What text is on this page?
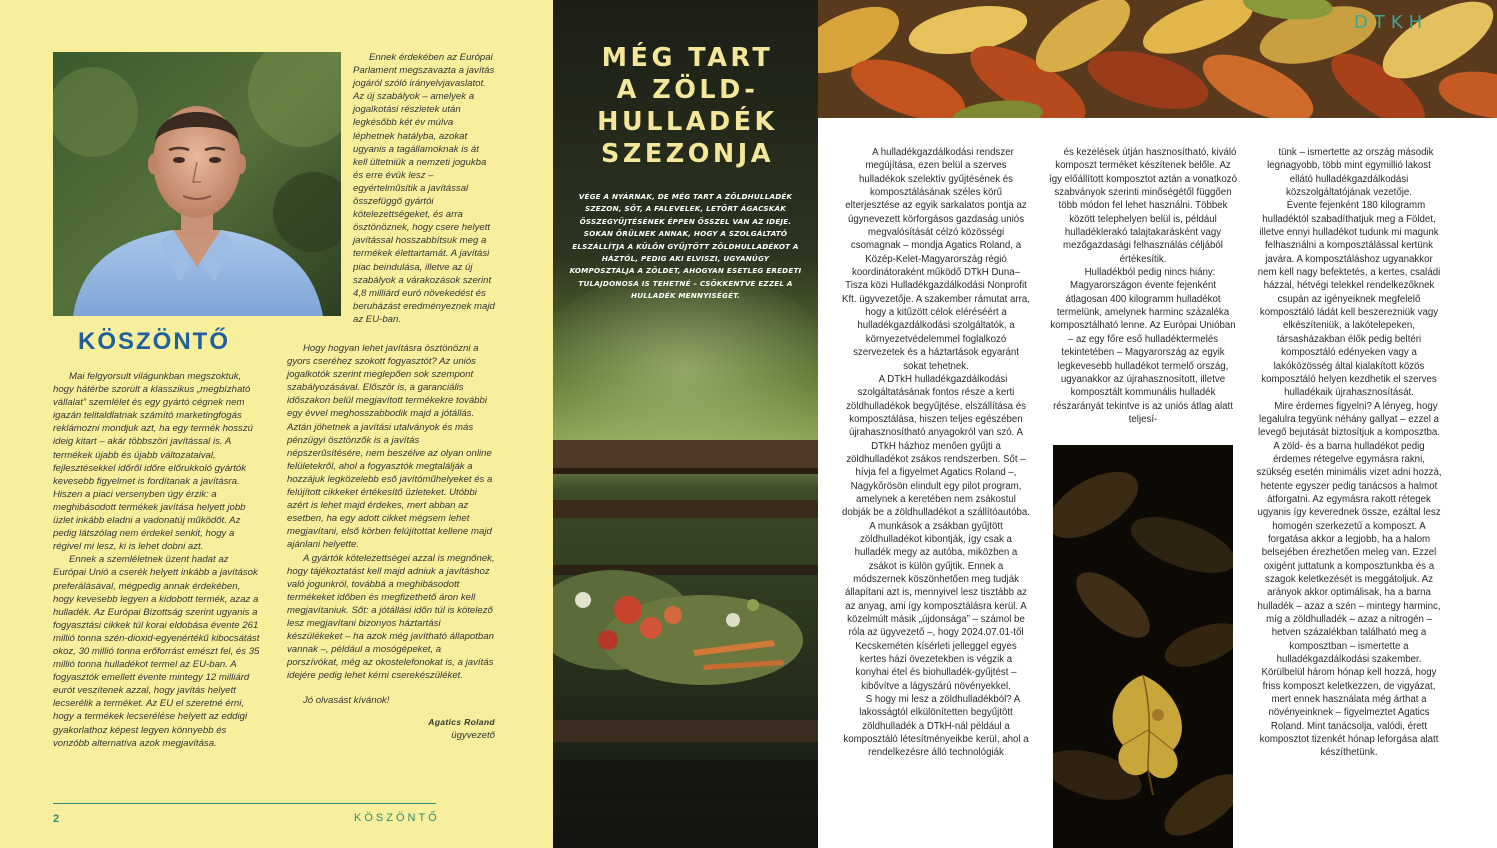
KÖSZÖNTŐ

Mai felgyorsult világunkban megszoktuk, hogy hátérbe szorult a klasszikus „megbízható vállalat” szemlélet és egy gyártó cégnek nem igazán telitaldlatnak számító marketingfogás reklámozni mondjuk azt, ha egy termék hosszú ideig kitart – akár többszöri javítással is. A termékek újabb és újabb változataival, fejlesztésekkel időről időre előrukkoló gyártók kevesebb figyelmet is fordítanak a javításra. Hiszen a piaci versenyben úgy érzik: a meghibásodott termékek javítása helyett jobb üzlet inkább eladni a vadonatúj működőt. Az pedig látszólag nem érdekel senkit, hogy a régivel mi lesz, ki is lehet dobni azt.

Ennek a szemléletnek üzent hadat az Európai Unió a cserék helyett inkább a javítások preferálásával, mégpedig annak érdekében, hogy kevesebb legyen a kidobott termék, azaz a hulladék. Az Európai Bizottság szerint ugyanis a fogyasztási cikkek túl korai eldobása évente 261 millió tonna szén-dioxid-egyenértékű kibocsátást okoz, 30 millió tonna erőforrást emészt fel, és 35 millió tonna hulladékot termel az EU-ban. A fogyasztók emellett évente mintegy 12 milliárd eurót veszítenek azzal, hogy javítás helyett lecserélik a terméket. Az EU el szeretné érni, hogy a termékek lecserélése helyett az eddigi gyakorlathoz képest legyen könnyebb és vonzóbb alternatíva azok megjavítása.

Ennek érdekében az Európai Parlament megszavazta a javítás jogáról szóló irányelvjavaslatot. Az új szabályok – amelyek a jogalkotási részletek után legkésőbb két év múlva léphetnek hatályba, azokat ugyanis a tagállamoknak is át kell ültetniük a nemzeti jogukba és erre évük lesz – egyértelműsítik a javítással összefüggő gyártói kötelezettségeket, és arra ösztönöznek, hogy csere helyett javítással hosszabbítsuk meg a termékek élettartamát. A javítási piac beindulása, illetve az új szabályok a várakozások szerint 4,8 milliárd euró növekedést és beruházást eredményeznek majd az EU-ban.

Hogy hogyan lehet javításra ösztönözni a gyors cseréhez szokott fogyasztót? Az uniós jogalkotók szerint meglepően sok szempont szabályozásával. Először is, a garanciális időszakon belül megjavított termékekre további egy évvel meghosszabbodik majd a jótállás. Aztán jöhetnek a javítási utalványok és más pénzügyi ösztönzők is a javítás népszerűsítésére, nem beszélve az olyan online felületekről, ahol a fogyasztók megtalálják a hozzájuk legközelebb eső javítóműhelyeket és a felújított cikkeket értékesítő üzleteket. Utóbbi azért is lehet majd érdekes, mert abban az esetben, ha egy adott cikket mégsem lehet megjavítani, első körben felújítottat kellene majd ajánlani helyette.

A gyártók kötelezettségei azzal is megnőnek, hogy tájékoztatást kell majd adniuk a javításhoz való jogunkról, továbbá a meghibásodott termékeket időben és megfizethető áron kell megjavítaniuk. Sőt: a jótállási időn túl is kötelező lesz megjavítani bizonyos háztartási készülékeket – ha azok még javítható állapotban vannak –, például a mosógépeket, a porszívókat, még az okostelefonokat is, a javítás idejére pedig lehet kérni cserekészüléket.

Jó olvasást kívánok!

Agatics Roland
ügyvezető
2	KÖSZÖNTŐ
MÉG TART
A ZÖLD-
HULLADÉK
SZEZONJA
VÉGE A NYÁRNAK, DE MÉG TART A ZÖLDHULLADÉK SZEZON, SŐT, A FALEVELEK, LETÖRT ÁGACSKÁK ÖSSZEGYŰJTÉSÉNEK ÉPPEN ŐSSZEL VAN AZ IDEJE. SOKAN ÖRÜLNEK ANNAK, HOGY A SZOLGÁLTATÓ ELSZÁLLÍTJA A KÜLÖN GYŰJTÖTT ZÖLDHULLADÉKOT A HÁZTÓL, PEDIG AKI ELVISZI, UGYANÚGY KOMPOSZTÁLJA A ZÖLDET, AHOGYAN ESETLEG EREDETI TULAJDONOSA IS TEHETNÉ – CSÖKKENTVE EZZEL A HULLADÉK MENNYISÉGÉT.
DTKH

A hulladékgazdálkodási rendszer megújítása, ezen belül a szerves hulladékok szelektív gyűjtésének és komposztálásának széles körű elterjesztése az egyik sarkalatos pontja az úgynevezett körforgásos gazdaság uniós megvalósítását célzó közösségi csomagnak – mondja Agatics Roland, a Közép-Kelet-Magyarország régió koordinátoraként működő DTkH Duna–Tisza közi Hulladékgazdálkodási Nonprofit Kft. ügyvezetője. A szakember rámutat arra, hogy a kitűzött célok eléréséért a hulladékgazdálkodási szolgáltatók, a környezetvédelemmel foglalkozó szervezetek és a háztartások egyaránt sokat tehetnek.

A DTkH hulladékgazdálkodási szolgáltatásának fontos része a kerti zöldhulladékok begyűjtése, elszállítása és komposztálása, hiszen teljes egészében újrahasznosítható anyagokról van szó. A DTkH házhoz menően gyűjti a zöldhulladékot zsákos rendszerben. Sőt – hívja fel a figyelmet Agatics Roland –, Nagykőrösön elindult egy pilot program, amelynek a keretében nem zsákostul dobják be a zöldhulladékot a szállítóautóba. A munkások a zsákban gyűjtött zöldhulladékot kibontják, így csak a hulladék megy az autóba, miközben a zsákot is külön gyűjtik. Ennek a módszernek köszönhetően meg tudják állapítani azt is, mennyivel lesz tisztább az az anyag, ami így komposztálásra kerül. A közelmúlt másik „újdonsága” – számol be róla az ügyvezető –, hogy 2024.07.01-től Kecskeméten kísérleti jelleggel egyes kertes házi övezetekben is végzik a konyhai étel és biohulladék-gyűjtést – kibővítve a lágyszárú növényekkel.

S hogy mi lesz a zöldhulladékból? A lakosságtól elkülönítetten begyűjtött zöldhulladék a DTkH-nál például a komposztáló létesítményeikbe kerül, ahol a rendelkezésre álló technológiák

és kezelések útján hasznosítható, kiváló komposzt terméket készítenek belőle. Az így előállított komposztot aztán a vonatkozó szabványok szerinti minőségétől függően több módon fel lehet használni. Többek között telephelyen belül is, például hulladéklerakó talajtakarásként vagy mezőgazdasági felhasználás céljából értékesítik.

Hulladékból pedig nincs hiány: Magyarországon évente fejenként átlagosan 400 kilogramm hulladékot termelünk, amelynek harminc százaléka komposztálható lenne. Az Európai Unióban – az egy főre eső hulladéktermelés tekintetében – Magyarország az egyik legkevesebb hulladékot termelő ország, ugyanakkor az újrahasznosított, illetve komposztált kommunális hulladék részarányát tekintve is az uniós átlag alatt teljesí-

tünk – ismertette az ország második legnagyobb, több mint egymillió lakost ellátó hulladékgazdálkodási közszolgáltatójának vezetője.

Évente fejenként 180 kilogramm hulladéktól szabadíthatjuk meg a Földet, illetve ennyi hulladékot tudunk mi magunk felhasználni a komposztálással kertünk javára. A komposztáláshoz ugyanakkor nem kell nagy befektetés, a kertes, családi házzal, hétvégi telekkel rendelkezőknek csupán az igényeiknek megfelelő komposztáló ládát kell beszerezniük vagy elkészíteniük, a lakótelepeken, társasházakban élők pedig beltéri komposztáló edényeken vagy a lakóközösség által kialakított közös komposztáló helyen kezdhetik el szerves hulladékaik újrahasznosítását.

Mire érdemes figyelni? A lényeg, hogy legalulra tegyünk néhány gallyat – ezzel a levegő bejutását biztosítjuk a komposztba. A zöld- és a barna hulladékot pedig érdemes rétegelve egymásra rakni, szükség esetén minimális vizet adni hozzá, hetente egyszer pedig tanácsos a halmot átforgatni. Az egymásra rakott rétegek ugyanis így keverednek össze, ezáltal lesz homogén szerkezetű a komposzt. A forgatása akkor a legjobb, ha a halom belsejében érezhetően meleg van. Ezzel oxigént juttatunk a komposztunkba és a szagok keletkezését is meggátoljuk. Az arányok akkor optimálisak, ha a barna hulladék – azaz a szén – mintegy harminc, míg a zöldhulladék – azaz a nitrogén – hetven százalékban található meg a komposztban – ismertette a hulladékgazdálkodási szakember. Körülbelül három hónap kell hozzá, hogy friss komposzt keletkezzen, de vigyázat, mert ennek használata még árthat a növényeinknek – figyelmeztet Agatics Roland. Mint tanácsolja, valódi, érett komposztot tizenkét hónap leforgása alatt készíthetünk.
